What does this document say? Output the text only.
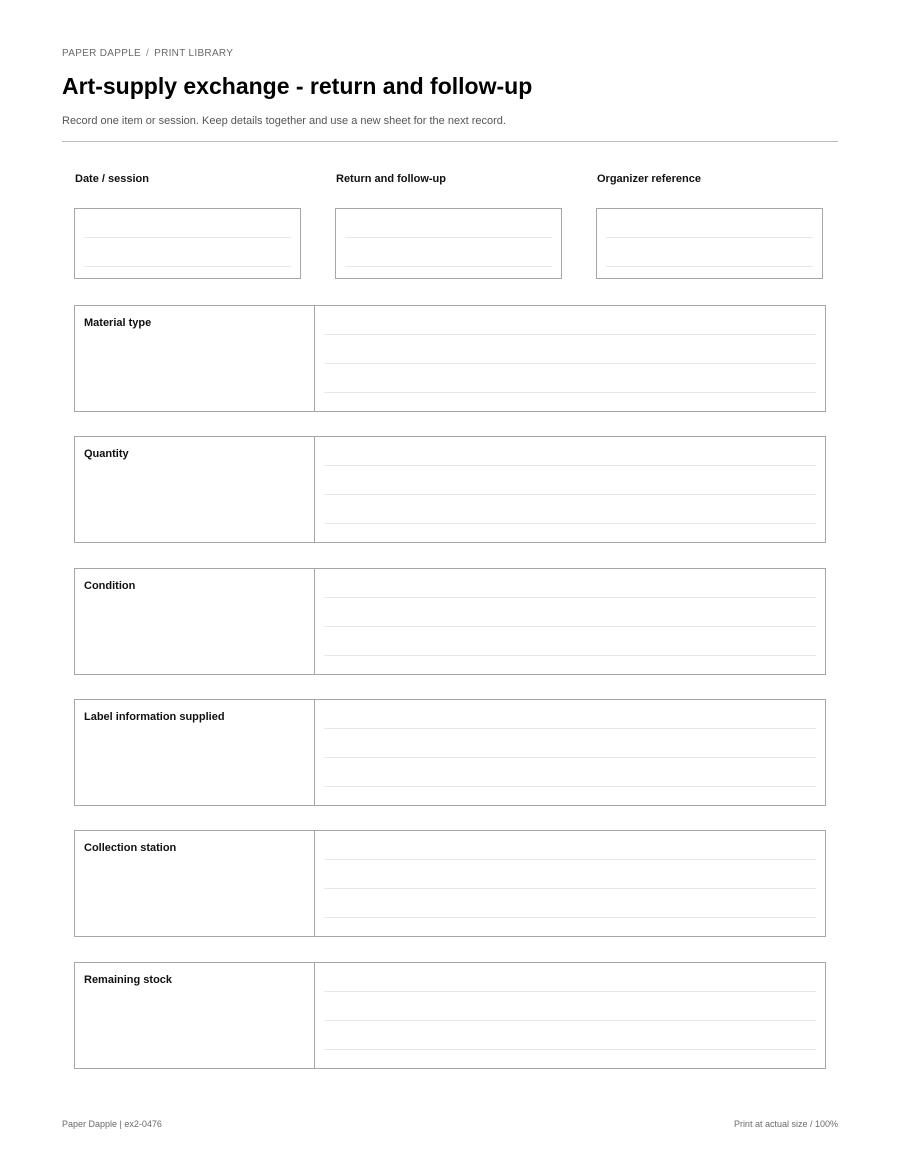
PAPER DAPPLE / PRINT LIBRARY
Art-supply exchange - return and follow-up
Record one item or session. Keep details together and use a new sheet for the next record.
Date / session	Return and follow-up	Organizer reference
Material type
Quantity
Condition
Label information supplied
Collection station
Remaining stock
Paper Dapple | ex2-0476	Print at actual size / 100%
